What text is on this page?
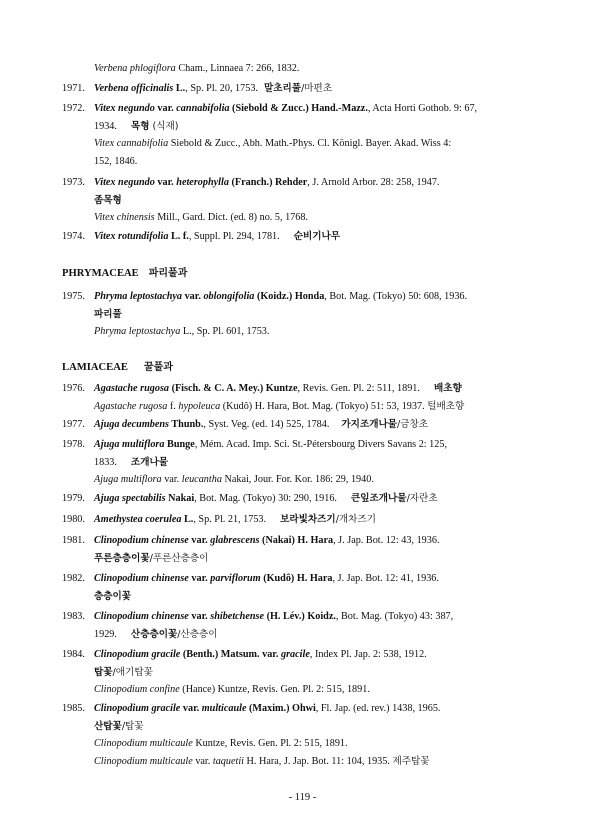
Verbena phlogiflora Cham., Linnaea 7: 266, 1832.
1971. Verbena officinalis L., Sp. Pl. 20, 1753. 말초리풀/마편초
1972. Vitex negundo var. cannabifolia (Siebold & Zucc.) Hand.-Mazz., Acta Horti Gothob. 9: 67,
1934. 목형 (식재)
Vitex cannabifolia Siebold & Zucc., Abh. Math.-Phys. Cl. Königl. Bayer. Akad. Wiss 4:
152, 1846.
1973. Vitex negundo var. heterophylla (Franch.) Rehder, J. Arnold Arbor. 28: 258, 1947.
좀목형
Vitex chinensis Mill., Gard. Dict. (ed. 8) no. 5, 1768.
1974. Vitex rotundifolia L. f., Suppl. Pl. 294, 1781. 순비기나무
PHRYMACEAE 파리풀과
1975. Phryma leptostachya var. oblongifolia (Koidz.) Honda, Bot. Mag. (Tokyo) 50: 608, 1936.
파리풀
Phryma leptostachya L., Sp. Pl. 601, 1753.
LAMIACEAE 꿀풀과
1976. Agastache rugosa (Fisch. & C. A. Mey.) Kuntze, Revis. Gen. Pl. 2: 511, 1891. 배초향
Agastache rugosa f. hypoleuca (Kudô) H. Hara, Bot. Mag. (Tokyo) 51: 53, 1937. 털배초향
1977. Ajuga decumbens Thunb., Syst. Veg. (ed. 14) 525, 1784. 가지조개나물/금창초
1978. Ajuga multiflora Bunge, Mém. Acad. Imp. Sci. St.-Pétersbourg Divers Savans 2: 125,
1833. 조개나물
Ajuga multiflora var. leucantha Nakai, Jour. For. Kor. 186: 29, 1940.
1979. Ajuga spectabilis Nakai, Bot. Mag. (Tokyo) 30: 290, 1916. 큰잎조개나물/자란초
1980. Amethystea coerulea L., Sp. Pl. 21, 1753. 보라빛차즈기/개차즈기
1981. Clinopodium chinense var. glabrescens (Nakai) H. Hara, J. Jap. Bot. 12: 43, 1936.
푸른층층이꽃/푸른산층층이
1982. Clinopodium chinense var. parviflorum (Kudô) H. Hara, J. Jap. Bot. 12: 41, 1936.
층층이꽃
1983. Clinopodium chinense var. shibetchense (H. Lév.) Koidz., Bot. Mag. (Tokyo) 43: 387,
1929. 산층층이꽃/산층층이
1984. Clinopodium gracile (Benth.) Matsum. var. gracile, Index Pl. Jap. 2: 538, 1912.
탑꽃/애기탑꽃
Clinopodium confine (Hance) Kuntze, Revis. Gen. Pl. 2: 515, 1891.
1985. Clinopodium gracile var. multicaule (Maxim.) Ohwi, Fl. Jap. (ed. rev.) 1438, 1965.
산탑꽃/탑꽃
Clinopodium multicaule Kuntze, Revis. Gen. Pl. 2: 515, 1891.
Clinopodium multicaule var. taquetii H. Hara, J. Jap. Bot. 11: 104, 1935. 제주탑꽃
- 119 -
